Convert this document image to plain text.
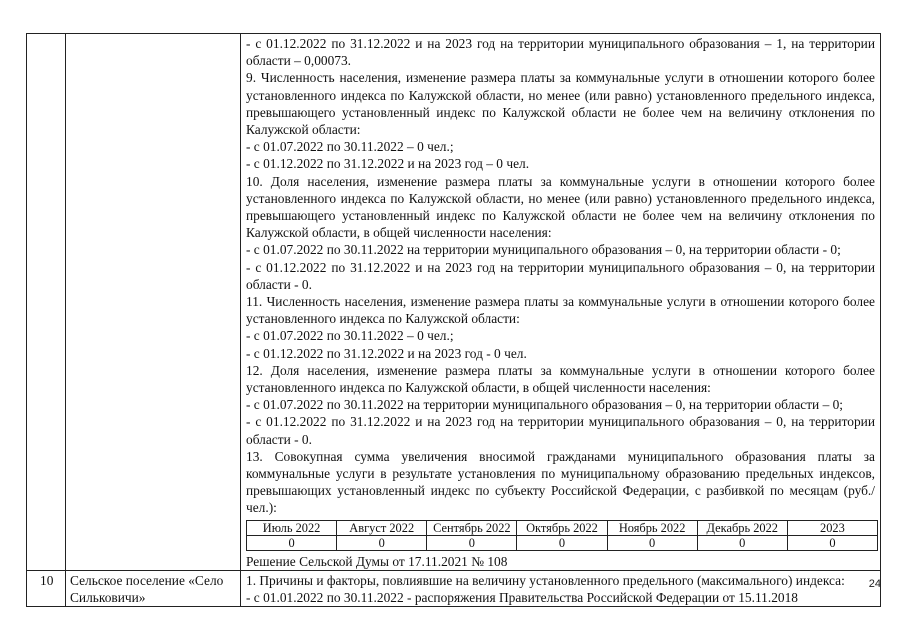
- с 01.12.2022 по 31.12.2022 и на 2023 год на территории муниципального образования – 1, на территории области – 0,00073.

9. Численность населения, изменение размера платы за коммунальные услуги в отношении которого более установленного индекса по Калужской области, но менее (или равно) установленного предельного индекса, превышающего установленный индекс по Калужской области не более чем на величину отклонения по Калужской области:

- с 01.07.2022 по 30.11.2022 – 0 чел.;

- с 01.12.2022 по 31.12.2022 и на 2023 год – 0 чел.

10. Доля населения, изменение размера платы за коммунальные услуги в отношении которого более установленного индекса по Калужской области, но менее (или равно) установленного предельного индекса, превышающего установленный индекс по Калужской области не более чем на величину отклонения по Калужской области, в общей численности населения:

- с 01.07.2022 по 30.11.2022 на территории муниципального образования – 0, на территории области - 0;

- с 01.12.2022 по 31.12.2022 и на 2023 год на территории муниципального образования – 0, на территории области - 0.

11. Численность населения, изменение размера платы за коммунальные услуги в отношении которого более установленного индекса по Калужской области:

- с 01.07.2022 по 30.11.2022 – 0 чел.;

- с 01.12.2022 по 31.12.2022 и на 2023 год - 0 чел.

12. Доля населения, изменение размера платы за коммунальные услуги в отношении которого более установленного индекса по Калужской области, в общей численности населения:

- с 01.07.2022 по 30.11.2022 на территории муниципального образования – 0, на территории области – 0;

- с 01.12.2022 по 31.12.2022 и на 2023 год на территории муниципального образования – 0, на территории области - 0.

13. Совокупная сумма увеличения вносимой гражданами муниципального образования платы за коммунальные услуги в результате установления по муниципальному образованию предельных индексов, превышающих установленный индекс по субъекту Российской Федерации, с разбивкой по месяцам (руб./чел.):

Июль 2022	Август 2022	Сентябрь 2022	Октябрь 2022	Ноябрь 2022	Декабрь 2022	2023
0	0	0	0	0	0	0

Решение Сельской Думы от 17.11.2021 № 108

10	Сельское поселение «Село Сильковичи»

1. Причины и факторы, повлиявшие на величину установленного предельного (максимального) индекса:

- с 01.01.2022 по 30.11.2022 - распоряжения Правительства Российской Федерации от 15.11.2018

24
